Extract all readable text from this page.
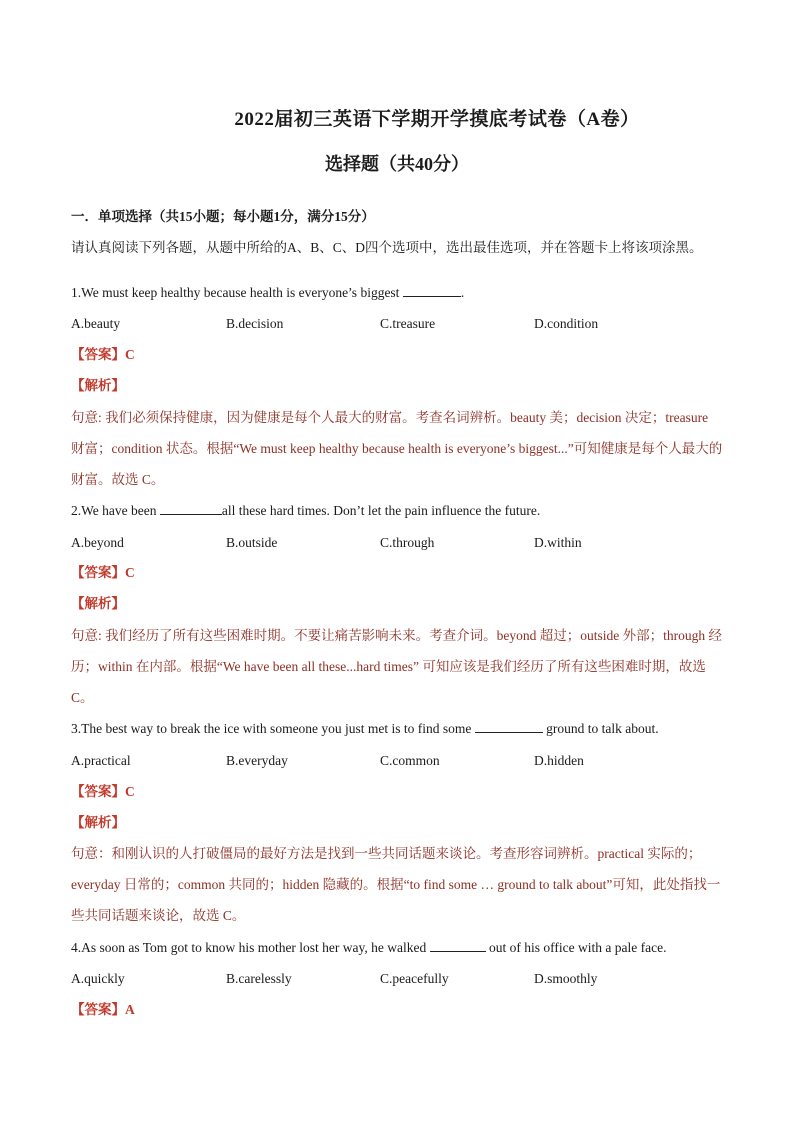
2022届初三英语下学期开学摸底考试卷（A卷）
选择题（共40分）
一．单项选择（共15小题；每小题1分，满分15分）
请认真阅读下列各题，从题中所给的A、B、C、D四个选项中，选出最佳选项，并在答题卡上将该项涂黑。
1.We must keep healthy because health is everyone’s biggest	.
A.beauty	B.decision	C.treasure	D.condition
【答案】C
【解析】
句意: 我们必须保持健康，因为健康是每个人最大的财富。考查名词辨析。beauty 美；decision 决定；treasure 财富；condition 状态。根据“We must keep healthy because health is everyone’s biggest...”可知健康是每个人最大的财富。故选 C。
2.We have been	all these hard times. Don’t let the pain influence the future.
A.beyond	B.outside	C.through	D.within
【答案】C
【解析】
句意: 我们经历了所有这些困难时期。不要让痛苦影响未来。考查介词。beyond 超过；outside 外部；through 经历；within 在内部。根据“We have been all these...hard times” 可知应该是我们经历了所有这些困难时期，故选 C。
3.The best way to break the ice with someone you just met is to find some	ground to talk about.
A.practical	B.everyday	C.common	D.hidden
【答案】C
【解析】
句意：和刚认识的人打破僵局的最好方法是找到一些共同话题来谈论。考查形容词辨析。practical 实际的；everyday 日常的；common 共同的；hidden 隐藏的。根据“to find some … ground to talk about”可知，此处指找一些共同话题来谈论，故选 C。
4.As soon as Tom got to know his mother lost her way, he walked	out of his office with a pale face.
A.quickly	B.carelessly	C.peacefully	D.smoothly
【答案】A
